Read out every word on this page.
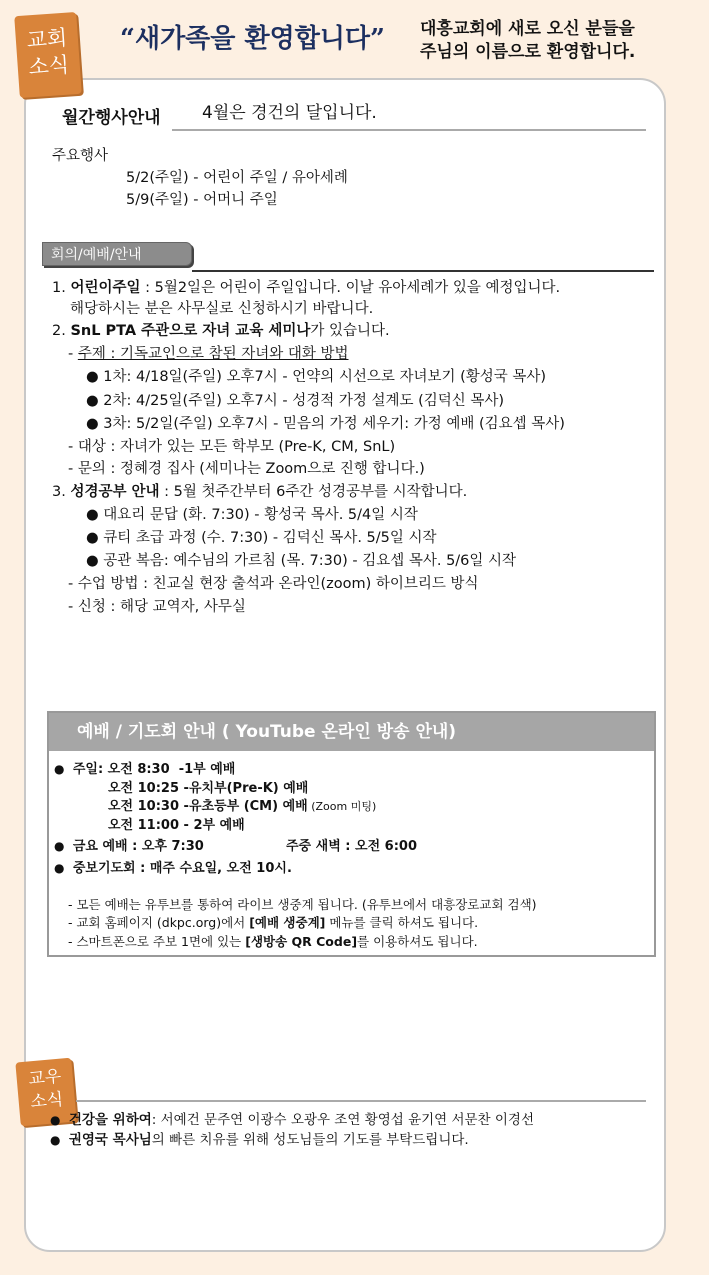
교회
소식
“새가족을 환영합니다” 대흥교회에 새로 오신 분들을
주님의 이름으로 환영합니다.
월간행사안내 4월은 경건의 달입니다.
주요행사
5/2(주일) - 어린이 주일 / 유아세례
5/9(주일) - 어머니 주일
회의/예배/안내
1. 어린이주일 : 5월2일은 어린이 주일입니다. 이날 유아세례가 있을 예정입니다.
해당하시는 분은 사무실로 신청하시기 바랍니다.
2. SnL PTA 주관으로 자녀 교육 세미나가 있습니다.
- 주제 : 기독교인으로 참된 자녀와 대화 방법
● 1차: 4/18일(주일) 오후7시 - 언약의 시선으로 자녀보기 (황성국 목사)
● 2차: 4/25일(주일) 오후7시 - 성경적 가정 설계도 (김덕신 목사)
● 3차: 5/2일(주일) 오후7시 - 믿음의 가정 세우기: 가정 예배 (김요셉 목사)
- 대상 : 자녀가 있는 모든 학부모 (Pre-K, CM, SnL)
- 문의 : 정혜경 집사 (세미나는 Zoom으로 진행 합니다.)
3. 성경공부 안내 : 5월 첫주간부터 6주간 성경공부를 시작합니다.
● 대요리 문답 (화. 7:30) - 황성국 목사. 5/4일 시작
● 큐티 초급 과정 (수. 7:30) - 김덕신 목사. 5/5일 시작
● 공관 복음: 예수님의 가르침 (목. 7:30) - 김요셉 목사. 5/6일 시작
- 수업 방법 : 친교실 현장 출석과 온라인(zoom) 하이브리드 방식
- 신청 : 해당 교역자, 사무실
예배 / 기도회 안내 ( YouTube 온라인 방송 안내)
●  주일: 오전 8:30  -1부 예배
오전 10:25 -유치부(Pre-K) 예배
오전 10:30 -유초등부 (CM) 예배 (Zoom 미팅)
오전 11:00 - 2부 예배
●  금요 예배 : 오후 7:30	주중 새벽 : 오전 6:00
●  중보기도회 : 매주 수요일, 오전 10시.
- 모든 예배는 유투브를 통하여 라이브 생중계 됩니다. (유투브에서 대흥장로교회 검색)
- 교회 홈페이지 (dkpc.org)에서 [예배 생중계] 메뉴를 클릭 하셔도 됩니다.
- 스마트폰으로 주보 1면에 있는 [생방송 QR Code]를 이용하셔도 됩니다.
교우
소식
●  건강을 위하여: 서예건 문주연 이광수 오광우 조연 황영섭 윤기연 서문찬 이경선
●  권영국 목사님의 빠른 치유를 위해 성도님들의 기도를 부탁드립니다.
